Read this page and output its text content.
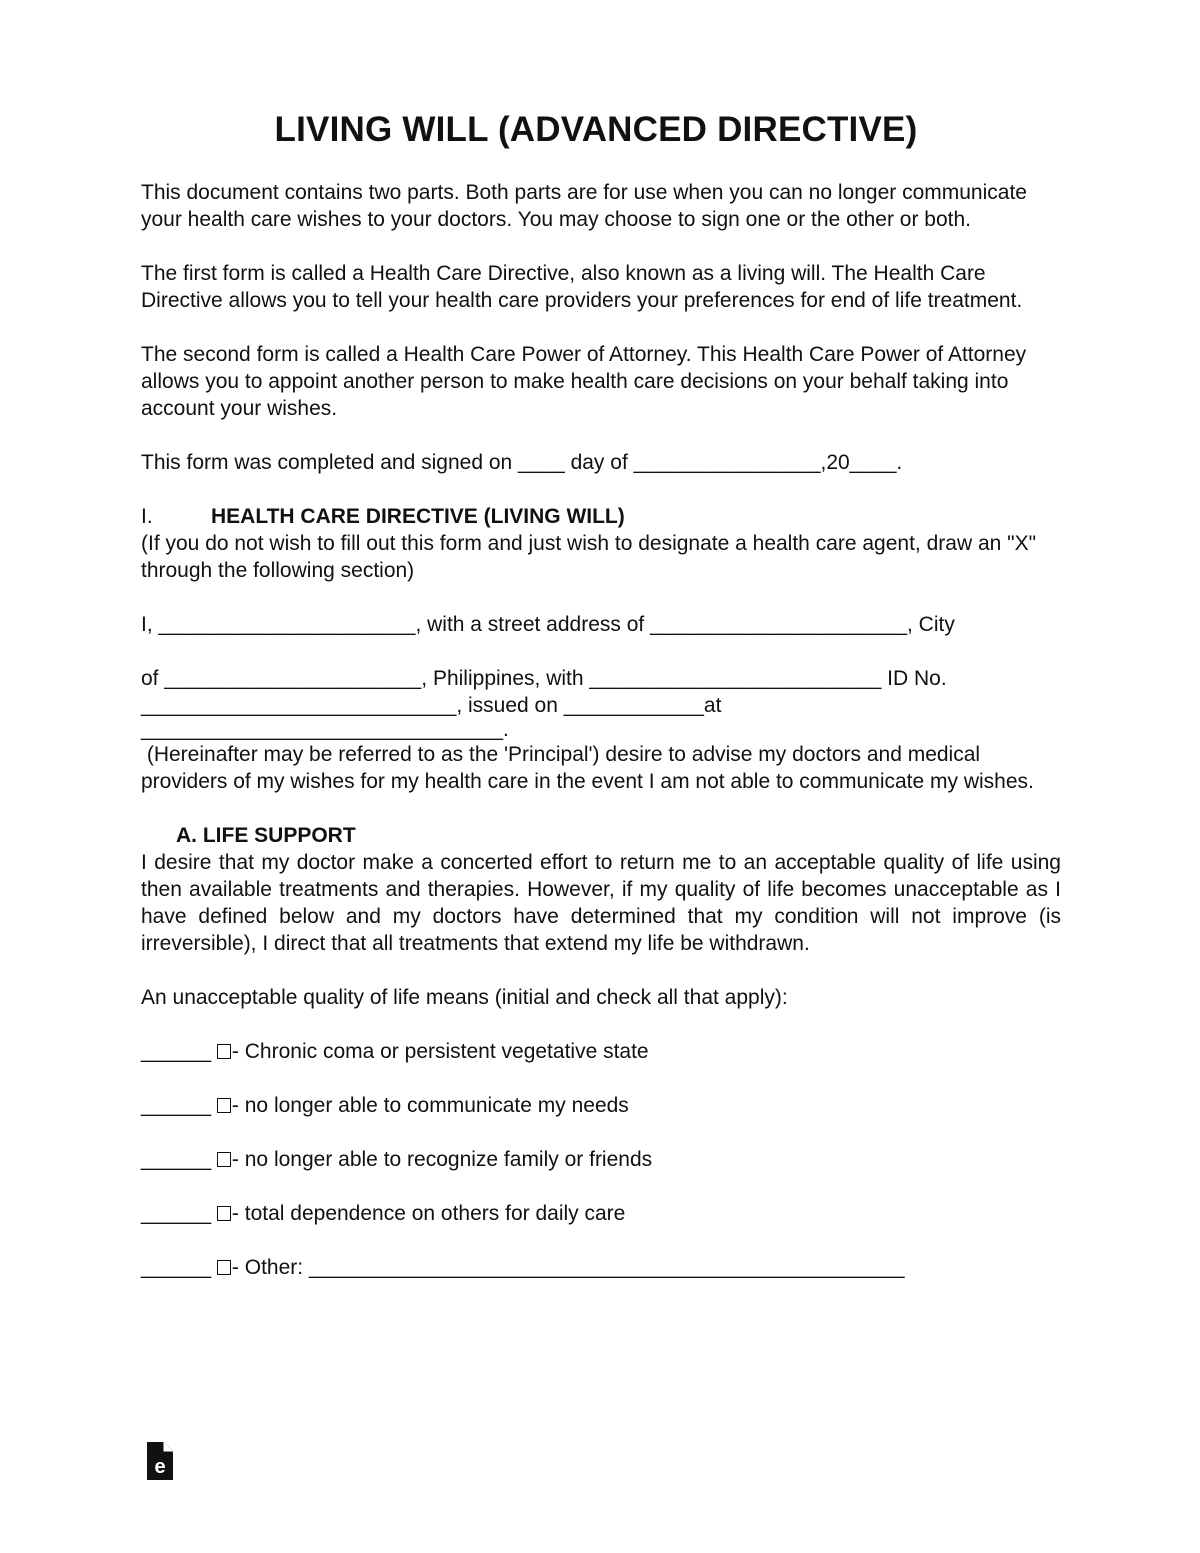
LIVING WILL (ADVANCED DIRECTIVE)

This document contains two parts. Both parts are for use when you can no longer communicate your health care wishes to your doctors. You may choose to sign one or the other or both.

The first form is called a Health Care Directive, also known as a living will. The Health Care Directive allows you to tell your health care providers your preferences for end of life treatment.

The second form is called a Health Care Power of Attorney. This Health Care Power of Attorney allows you to appoint another person to make health care decisions on your behalf taking into account your wishes.

This form was completed and signed on ____ day of ________________,20____.

I.	HEALTH CARE DIRECTIVE (LIVING WILL)

(If you do not wish to fill out this form and just wish to designate a health care agent, draw an "X" through the following section)

I, ______________________, with a street address of ______________________, City

of ______________________, Philippines, with _________________________ ID No.

___________________________, issued on ____________at

_______________________________.

(Hereinafter may be referred to as the 'Principal') desire to advise my doctors and medical providers of my wishes for my health care in the event I am not able to communicate my wishes.

A. LIFE SUPPORT

I desire that my doctor make a concerted effort to return me to an acceptable quality of life using then available treatments and therapies. However, if my quality of life becomes unacceptable as I have defined below and my doctors have determined that my condition will not improve (is irreversible), I direct that all treatments that extend my life be withdrawn.

An unacceptable quality of life means (initial and check all that apply):

______ - Chronic coma or persistent vegetative state
______ - no longer able to communicate my needs
______ - no longer able to recognize family or friends
______ - total dependence on others for daily care
______ - Other: ___________________________________________________
e
